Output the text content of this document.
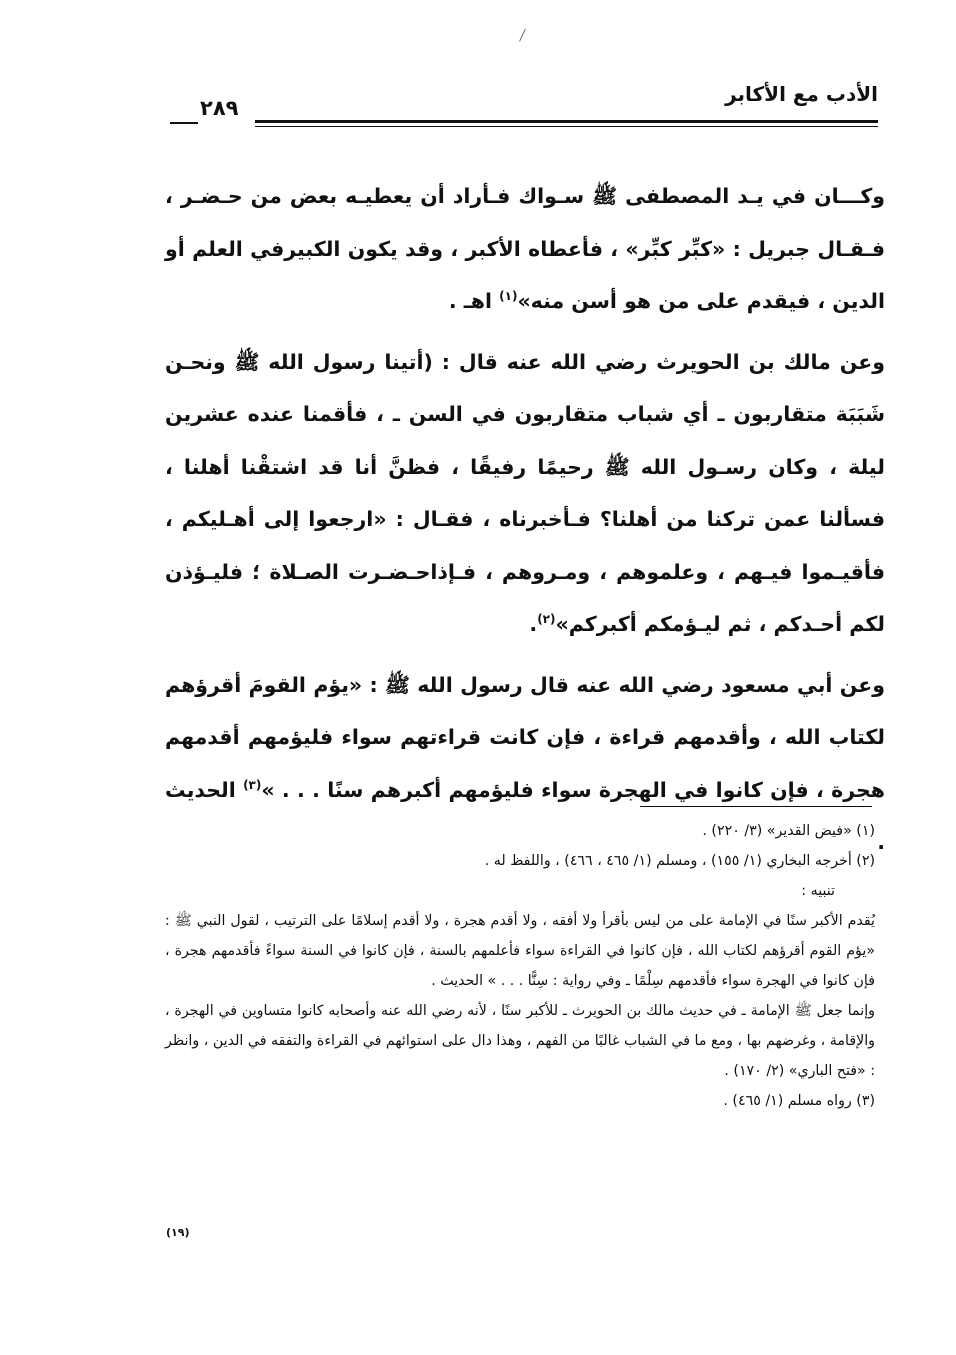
الأدب مع الأكابر
٢٨٩

وكـــان في يـد المصطفى ﷺ سـواك فـأراد أن يعطيـه بعض من حـضـر ، فـقـال جبريل : «كبِّر كبِّر» ، فأعطاه الأكبر ، وقد يكون الكبيرفي العلم أو الدين ، فيقدم على من هو أسن منه»$^{(١)}$ اهـ .

وعن مالك بن الحويرث رضي الله عنه قال : (أتينا رسول الله ﷺ ونحـن شَبَبَة متقاربون ـ أي شباب متقاربون في السن ـ ، فأقمنا عنده عشرين ليلة ، وكان رسـول الله ﷺ رحيمًا رفيقًا ، فظنَّ أنا قد اشتقْنا أهلنا ، فسألنا عمن تركنا من أهلنا؟ فـأخبرناه ، فقـال : «ارجعوا إلى أهـليكم ، فأقيـموا فيـهم ، وعلموهم ، ومـروهم ، فـإذاحـضـرت الصـلاة ؛ فليـؤذن لكم أحـدكم ، ثم ليـؤمكم أكبركم»$^{(٢)}$.

وعن أبي مسعود رضي الله عنه قال رسول الله ﷺ : «يؤم القومَ أقرؤهم لكتاب الله ، وأقدمهم قراءة ، فإن كانت قراءتهم سواء فليؤمهم أقدمهم هجرة ، فإن كانوا في الهجرة سواء فليؤمهم أكبرهم سنًا . . . »$^{(٣)}$ الحديث .

(١) «فيض القدير» (٣/ ٢٢٠) .

(٢) أخرجه البخاري (١/ ١٥٥) ، ومسلم (١/ ٤٦٥ ، ٤٦٦) ، واللفظ له .

تنبيه :

يُقدم الأكبر سنًا في الإمامة على من ليس بأقرأ ولا أفقه ، ولا أقدم هجرة ، ولا أقدم إسلامًا على الترتيب ، لقول النبي ﷺ : «يؤم القوم أقرؤهم لكتاب الله ، فإن كانوا في القراءة سواء فأعلمهم بالسنة ، فإن كانوا في السنة سواءً فأقدمهم هجرة ، فإن كانوا في الهجرة سواء فأقدمهم سِلْمًا ـ وفي رواية : سِنًّا . . . » الحديث .

وإنما جعل ﷺ الإمامة ـ في حديث مالك بن الحويرث ـ للأكبر سنًا ، لأنه رضي الله عنه وأصحابه كانوا متساوين في الهجرة ، والإقامة ، وغرضهم بها ، ومع ما في الشباب غالبًا من الفهم ، وهذا دال على استوائهم في القراءة والتفقه في الدين ، وانظر : «فتح الباري» (٢/ ١٧٠) .

(٣) رواه مسلم (١/ ٤٦٥) .

(١٩)
